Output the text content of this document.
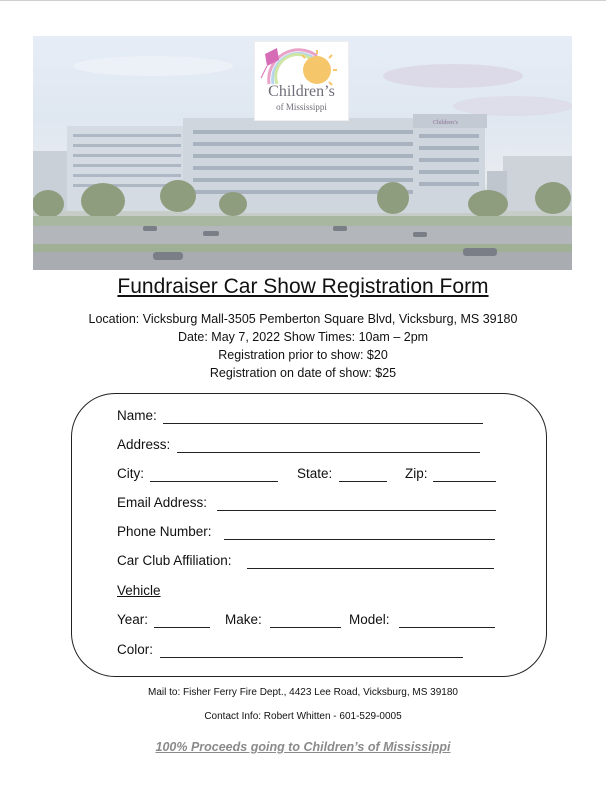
Children’s
Children’s
of Mississippi
Fundraiser Car Show Registration Form
Location: Vicksburg Mall-3505 Pemberton Square Blvd, Vicksburg, MS 39180
Date: May 7, 2022 Show Times: 10am – 2pm
Registration prior to show: $20
Registration on date of show: $25
Name:
Address:
City:	State:	Zip:
Email Address:
Phone Number:
Car Club Affiliation:
Vehicle
Year:	Make:	Model:
Color:
Mail to: Fisher Ferry Fire Dept., 4423 Lee Road, Vicksburg, MS 39180
Contact Info: Robert Whitten - 601-529-0005
100% Proceeds going to Children’s of Mississippi
